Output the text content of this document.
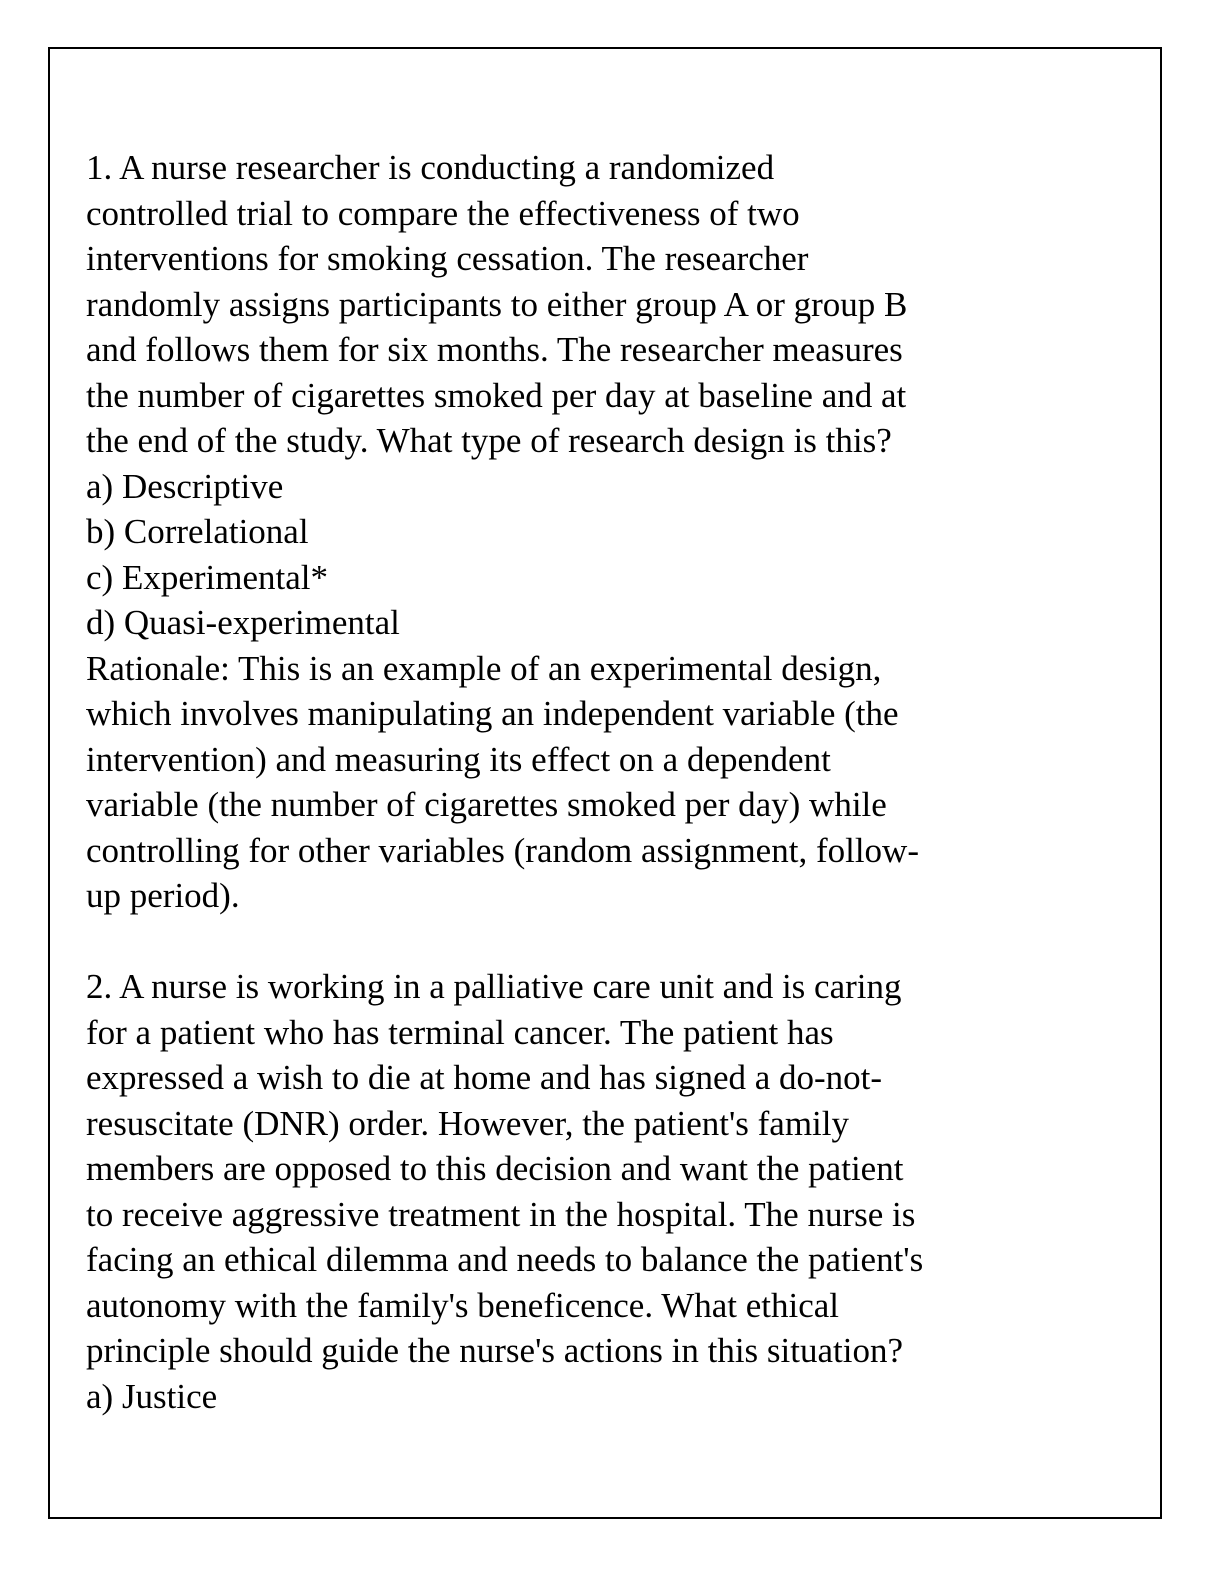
1. A nurse researcher is conducting a randomized
controlled trial to compare the effectiveness of two
interventions for smoking cessation. The researcher
randomly assigns participants to either group A or group B
and follows them for six months. The researcher measures
the number of cigarettes smoked per day at baseline and at
the end of the study. What type of research design is this?
a) Descriptive
b) Correlational
c) Experimental*
d) Quasi-experimental
Rationale: This is an example of an experimental design,
which involves manipulating an independent variable (the
intervention) and measuring its effect on a dependent
variable (the number of cigarettes smoked per day) while
controlling for other variables (random assignment, follow-
up period).
2. A nurse is working in a palliative care unit and is caring
for a patient who has terminal cancer. The patient has
expressed a wish to die at home and has signed a do-not-
resuscitate (DNR) order. However, the patient's family
members are opposed to this decision and want the patient
to receive aggressive treatment in the hospital. The nurse is
facing an ethical dilemma and needs to balance the patient's
autonomy with the family's beneficence. What ethical
principle should guide the nurse's actions in this situation?
a) Justice
